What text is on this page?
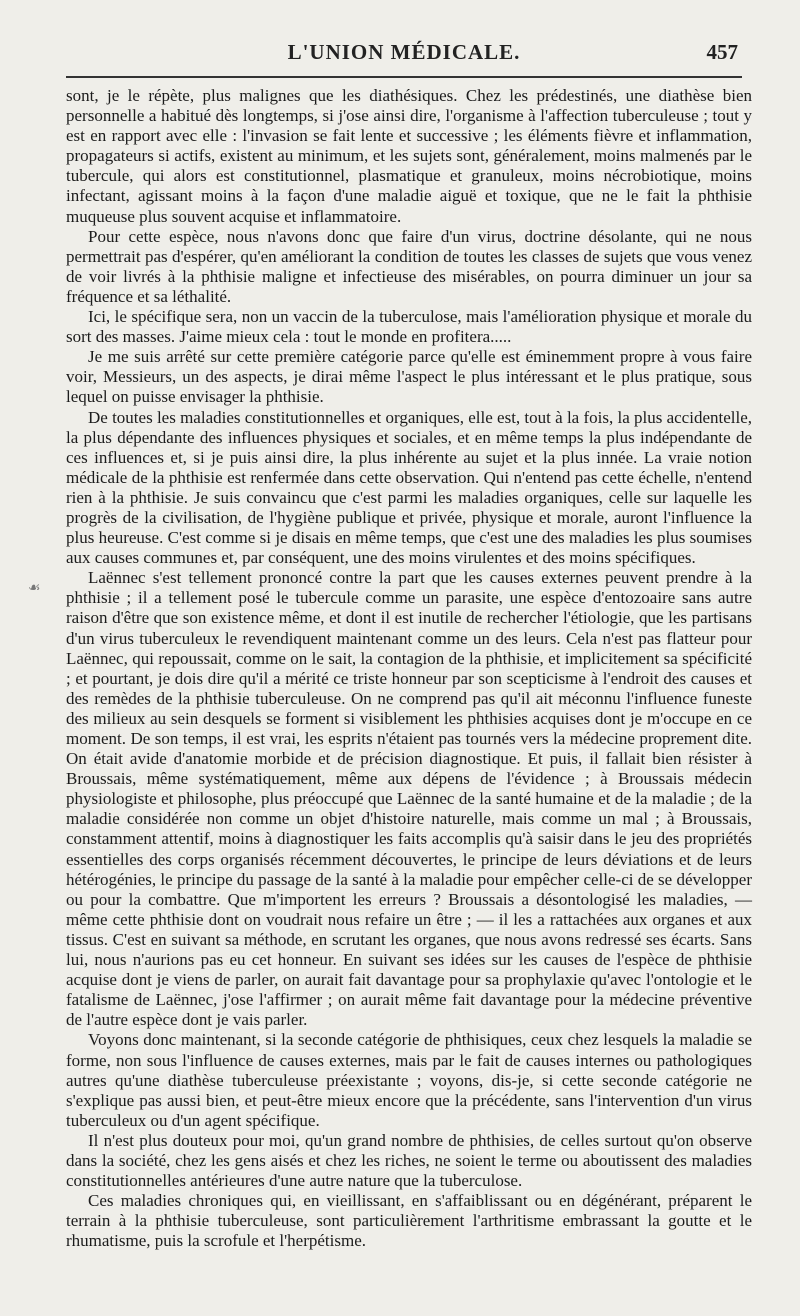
L'UNION MÉDICALE.	457
☙

sont, je le répète, plus malignes que les diathésiques. Chez les prédestinés, une diathèse bien personnelle a habitué dès longtemps, si j'ose ainsi dire, l'organisme à l'affection tuberculeuse ; tout y est en rapport avec elle : l'invasion se fait lente et successive ; les éléments fièvre et inflammation, propagateurs si actifs, existent au minimum, et les sujets sont, généralement, moins malmenés par le tubercule, qui alors est constitutionnel, plasmatique et granuleux, moins nécrobiotique, moins infectant, agissant moins à la façon d'une maladie aiguë et toxique, que ne le fait la phthisie muqueuse plus souvent acquise et inflammatoire.

Pour cette espèce, nous n'avons donc que faire d'un virus, doctrine désolante, qui ne nous permettrait pas d'espérer, qu'en améliorant la condition de toutes les classes de sujets que vous venez de voir livrés à la phthisie maligne et infectieuse des misérables, on pourra diminuer un jour sa fréquence et sa léthalité.

Ici, le spécifique sera, non un vaccin de la tuberculose, mais l'amélioration physique et morale du sort des masses. J'aime mieux cela : tout le monde en profitera.....

Je me suis arrêté sur cette première catégorie parce qu'elle est éminemment propre à vous faire voir, Messieurs, un des aspects, je dirai même l'aspect le plus intéressant et le plus pratique, sous lequel on puisse envisager la phthisie.

De toutes les maladies constitutionnelles et organiques, elle est, tout à la fois, la plus accidentelle, la plus dépendante des influences physiques et sociales, et en même temps la plus indépendante de ces influences et, si je puis ainsi dire, la plus inhérente au sujet et la plus innée. La vraie notion médicale de la phthisie est renfermée dans cette observation. Qui n'entend pas cette échelle, n'entend rien à la phthisie. Je suis convaincu que c'est parmi les maladies organiques, celle sur laquelle les progrès de la civilisation, de l'hygiène publique et privée, physique et morale, auront l'influence la plus heureuse. C'est comme si je disais en même temps, que c'est une des maladies les plus soumises aux causes communes et, par conséquent, une des moins virulentes et des moins spécifiques.

Laënnec s'est tellement prononcé contre la part que les causes externes peuvent prendre à la phthisie ; il a tellement posé le tubercule comme un parasite, une espèce d'entozoaire sans autre raison d'être que son existence même, et dont il est inutile de rechercher l'étiologie, que les partisans d'un virus tuberculeux le revendiquent maintenant comme un des leurs. Cela n'est pas flatteur pour Laënnec, qui repoussait, comme on le sait, la contagion de la phthisie, et implicitement sa spécificité ; et pourtant, je dois dire qu'il a mérité ce triste honneur par son scepticisme à l'endroit des causes et des remèdes de la phthisie tuberculeuse. On ne comprend pas qu'il ait méconnu l'influence funeste des milieux au sein desquels se forment si visiblement les phthisies acquises dont je m'occupe en ce moment. De son temps, il est vrai, les esprits n'étaient pas tournés vers la médecine proprement dite. On était avide d'anatomie morbide et de précision diagnostique. Et puis, il fallait bien résister à Broussais, même systématiquement, même aux dépens de l'évidence ; à Broussais médecin physiologiste et philosophe, plus préoccupé que Laënnec de la santé humaine et de la maladie ; de la maladie considérée non comme un objet d'histoire naturelle, mais comme un mal ; à Broussais, constamment attentif, moins à diagnostiquer les faits accomplis qu'à saisir dans le jeu des propriétés essentielles des corps organisés récemment découvertes, le principe de leurs déviations et de leurs hétérogénies, le principe du passage de la santé à la maladie pour empêcher celle-ci de se développer ou pour la combattre. Que m'importent les erreurs ? Broussais a désontologisé les maladies, — même cette phthisie dont on voudrait nous refaire un être ; — il les a rattachées aux organes et aux tissus. C'est en suivant sa méthode, en scrutant les organes, que nous avons redressé ses écarts. Sans lui, nous n'aurions pas eu cet honneur. En suivant ses idées sur les causes de l'espèce de phthisie acquise dont je viens de parler, on aurait fait davantage pour sa prophylaxie qu'avec l'ontologie et le fatalisme de Laënnec, j'ose l'affirmer ; on aurait même fait davantage pour la médecine préventive de l'autre espèce dont je vais parler.

Voyons donc maintenant, si la seconde catégorie de phthisiques, ceux chez lesquels la maladie se forme, non sous l'influence de causes externes, mais par le fait de causes internes ou pathologiques autres qu'une diathèse tuberculeuse préexistante ; voyons, dis-je, si cette seconde catégorie ne s'explique pas aussi bien, et peut-être mieux encore que la précédente, sans l'intervention d'un virus tuberculeux ou d'un agent spécifique.

Il n'est plus douteux pour moi, qu'un grand nombre de phthisies, de celles surtout qu'on observe dans la société, chez les gens aisés et chez les riches, ne soient le terme ou aboutissent des maladies constitutionnelles antérieures d'une autre nature que la tuberculose.

Ces maladies chroniques qui, en vieillissant, en s'affaiblissant ou en dégénérant, préparent le terrain à la phthisie tuberculeuse, sont particulièrement l'arthritisme embrassant la goutte et le rhumatisme, puis la scrofule et l'herpétisme.
